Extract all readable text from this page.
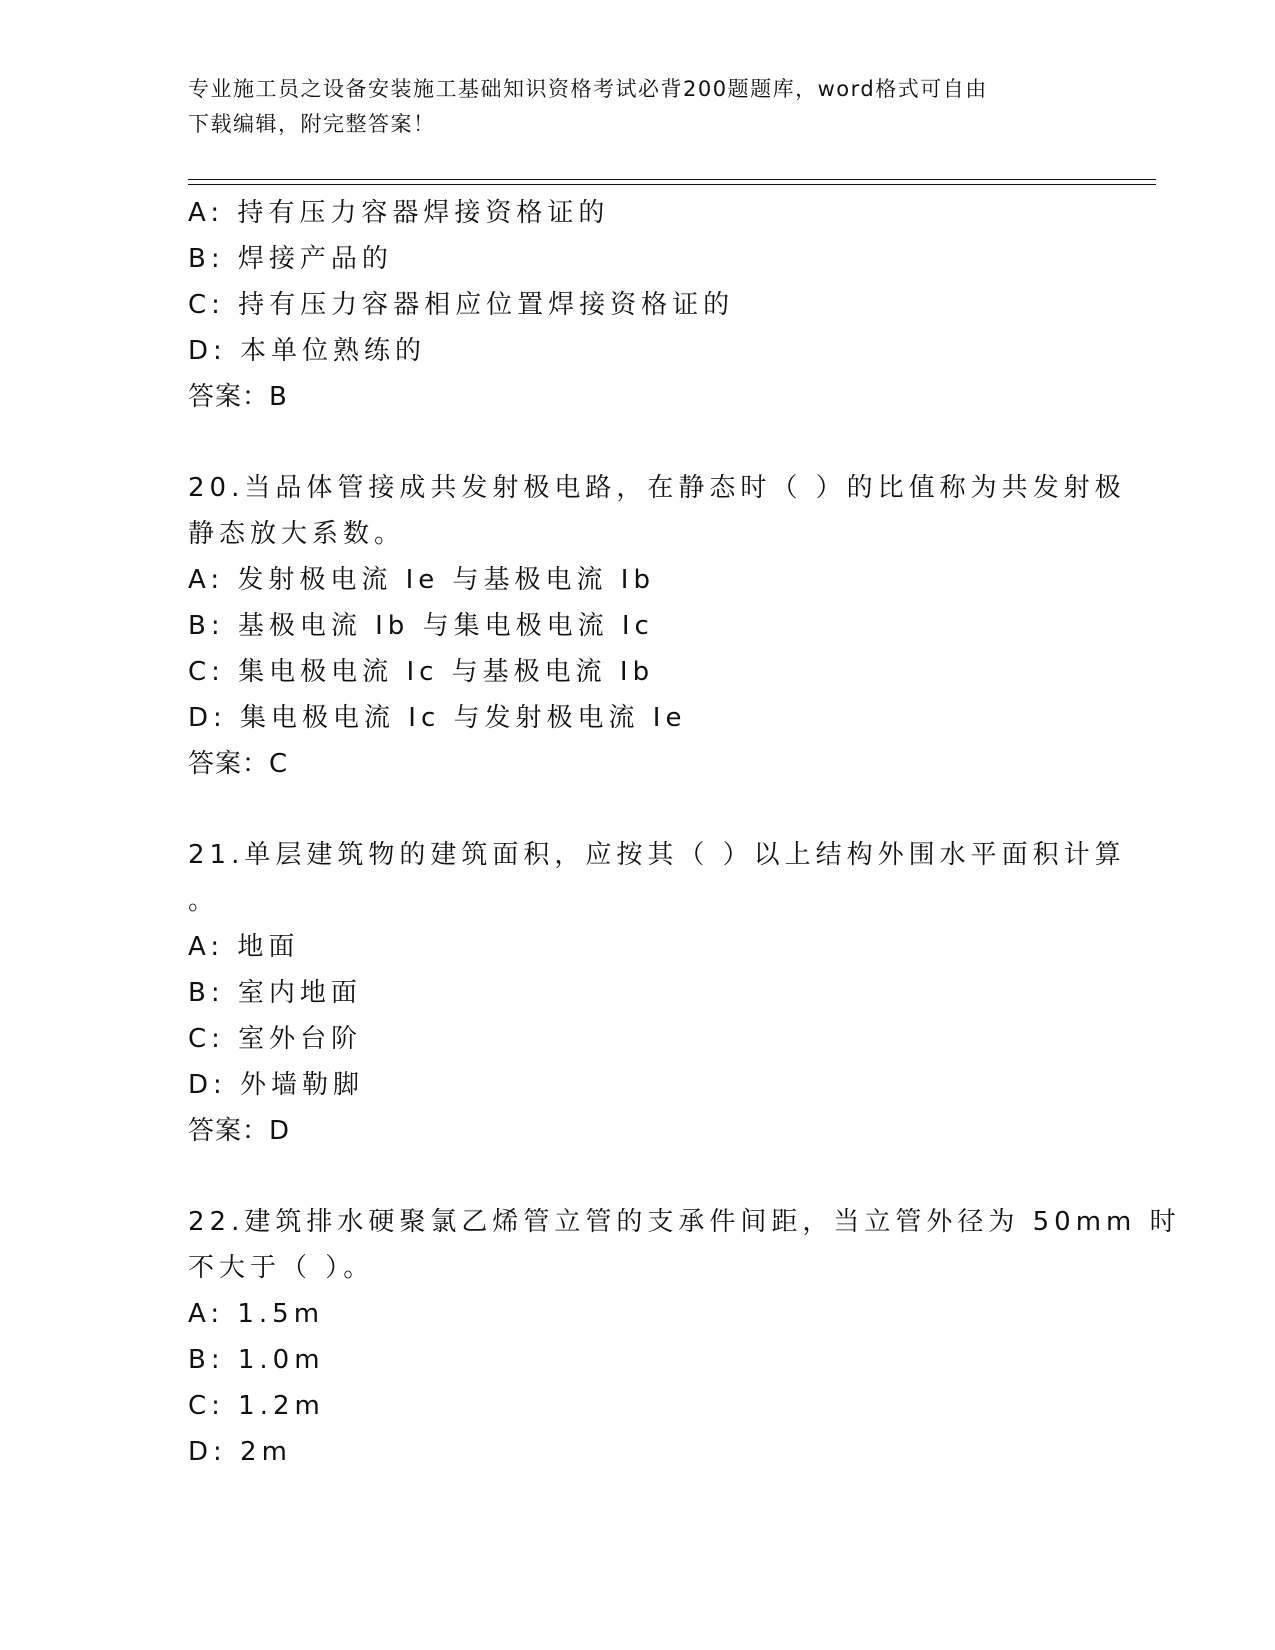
专业施工员之设备安装施工基础知识资格考试必背200题题库，word格式可自由
下载编辑，附完整答案！
A: 持有压力容器焊接资格证的
B: 焊接产品的
C: 持有压力容器相应位置焊接资格证的
D: 本单位熟练的
答案：B
20.当品体管接成共发射极电路，在静态时（ ）的比值称为共发射极
静态放大系数。
A: 发射极电流 Ie 与基极电流 Ib
B: 基极电流 Ib 与集电极电流 Ic
C: 集电极电流 Ic 与基极电流 Ib
D: 集电极电流 Ic 与发射极电流 Ie
答案：C
21.单层建筑物的建筑面积，应按其（ ）以上结构外围水平面积计算
。
A: 地面
B: 室内地面
C: 室外台阶
D: 外墙勒脚
答案：D
22.建筑排水硬聚氯乙烯管立管的支承件间距，当立管外径为 50mm 时
不大于（ ）。
A: 1.5m
B: 1.0m
C: 1.2m
D: 2m
